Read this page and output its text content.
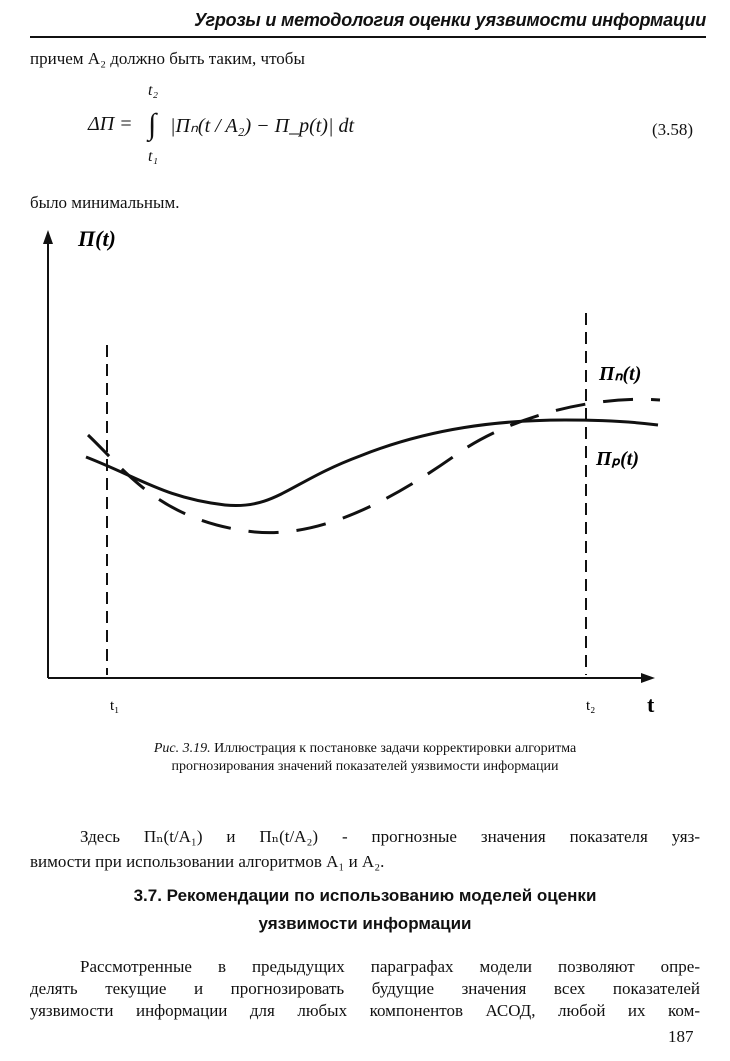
Угрозы и методология оценки уязвимости информации
причем A₂ должно быть таким, чтобы
ΔП =
t₂
∫
t₁
|Пₙ(t / A₂) − П_p(t)| dt	(3.58)
было минимальным.
П(t)
Пₙ(t)
Пₚ(t)
t₁	t₂ t
Рис. 3.19. Иллюстрация к постановке задачи корректировки алгоритма
прогнозирования значений показателей уязвимости информации
Здесь Пₙ(t/A₁) и Пₙ(t/A₂) - прогнозные значения показателя уяз-
вимости при использовании алгоритмов A₁ и A₂.
3.7. Рекомендации по использованию моделей оценки
уязвимости информации
Рассмотренные в предыдущих параграфах модели позволяют опре-
делять текущие и прогнозировать будущие значения всех показателей
уязвимости информации для любых компонентов АСОД, любой их ком-
187
